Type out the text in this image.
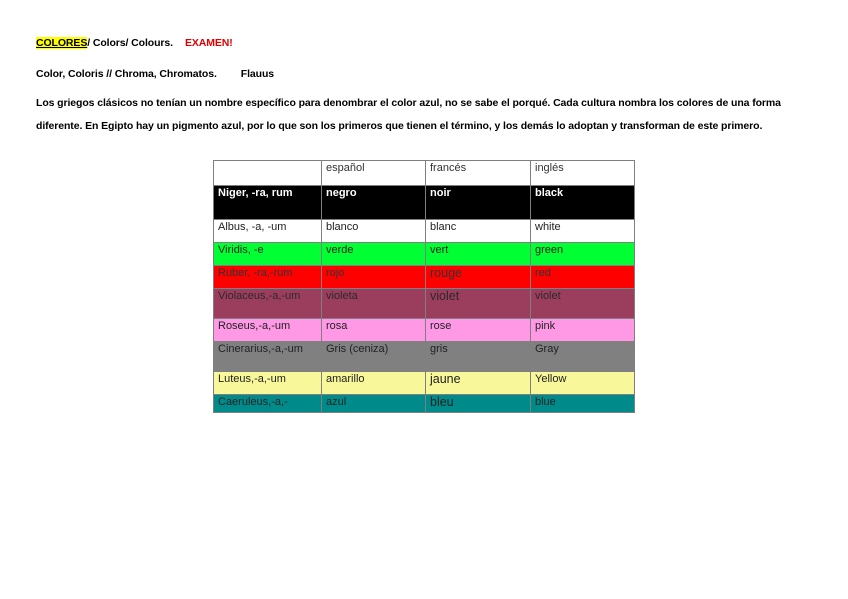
COLORES/ Colors/ Colours. EXAMEN!
Color, Coloris // Chroma, Chromatos. Flauus
Los griegos clásicos no tenían un nombre específico para denombrar el color azul, no se sabe el porqué. Cada cultura nombra los colores de una forma
diferente. En Egipto hay un pigmento azul, por lo que son los primeros que tienen el término, y los demás lo adoptan y transforman de este primero.
	español	francés	inglés
Niger, -ra, rum	negro	noir	black
Albus, -a, -um	blanco	blanc	white
Viridis, -e	verde	vert	green
Ruber, -ra,-rum	rojo	rouge	red
Violaceus,-a,-um	violeta	violet	violet
Roseus,-a,-um	rosa	rose	pink
Cinerarius,-a,-um	Gris (ceniza)	gris	Gray
Luteus,-a,-um	amarillo	jaune	Yellow
Caeruleus,-a,-	azul	bleu	blue
